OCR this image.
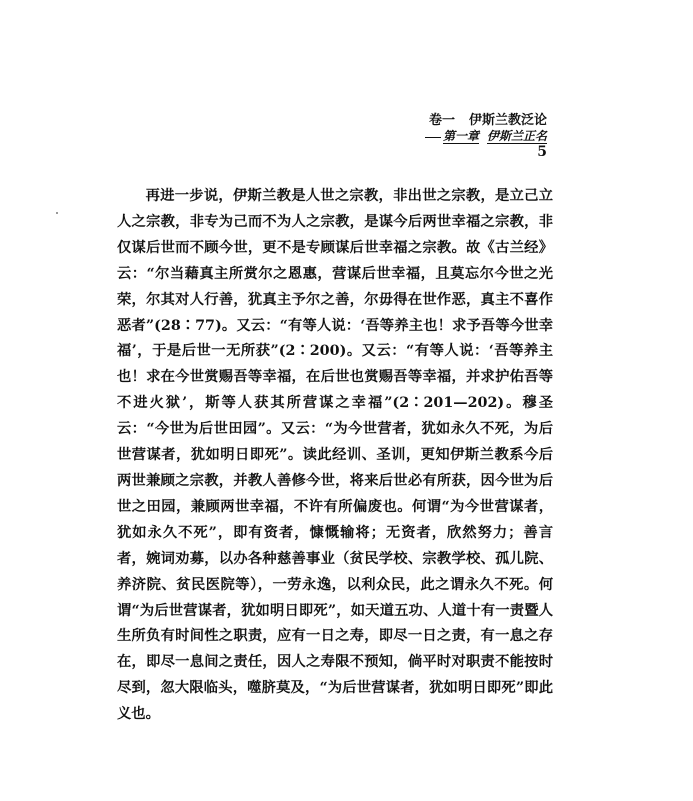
卷一 伊斯兰教泛论
第一章 伊斯兰正名
5

再进一步说，伊斯兰教是人世之宗教，非出世之宗教，是立己立人之宗教，非专为己而不为人之宗教，是谋今后两世幸福之宗教，非仅谋后世而不顾今世，更不是专顾谋后世幸福之宗教。故《古兰经》云：“尔当藉真主所赏尔之恩惠，营谋后世幸福，且莫忘尔今世之光荣，尔其对人行善，犹真主予尔之善，尔毋得在世作恶，真主不喜作恶者”(28∶77)。又云：“有等人说：‘吾等养主也！求予吾等今世幸福’，于是后世一无所获”(2∶200)。又云：“有等人说：‘吾等养主也！求在今世赏赐吾等幸福，在后世也赏赐吾等幸福，并求护佑吾等不进火狱’，斯等人获其所营谋之幸福”(2∶201—202)。穆圣云：“今世为后世田园”。又云：“为今世营者，犹如永久不死，为后世营谋者，犹如明日即死”。读此经训、圣训，更知伊斯兰教系今后两世兼顾之宗教，并教人善修今世，将来后世必有所获，因今世为后世之田园，兼顾两世幸福，不许有所偏废也。何谓“为今世营谋者，犹如永久不死”，即有资者，慷慨输将；无资者，欣然努力；善言者，婉词劝募，以办各种慈善事业（贫民学校、宗教学校、孤儿院、养济院、贫民医院等），一劳永逸，以利众民，此之谓永久不死。何谓“为后世营谋者，犹如明日即死”，如天道五功、人道十有一责暨人生所负有时间性之职责，应有一日之寿，即尽一日之责，有一息之存在，即尽一息间之责任，因人之寿限不预知，倘平时对职责不能按时尽到，忽大限临头，噬脐莫及，“为后世营谋者，犹如明日即死”即此义也。
